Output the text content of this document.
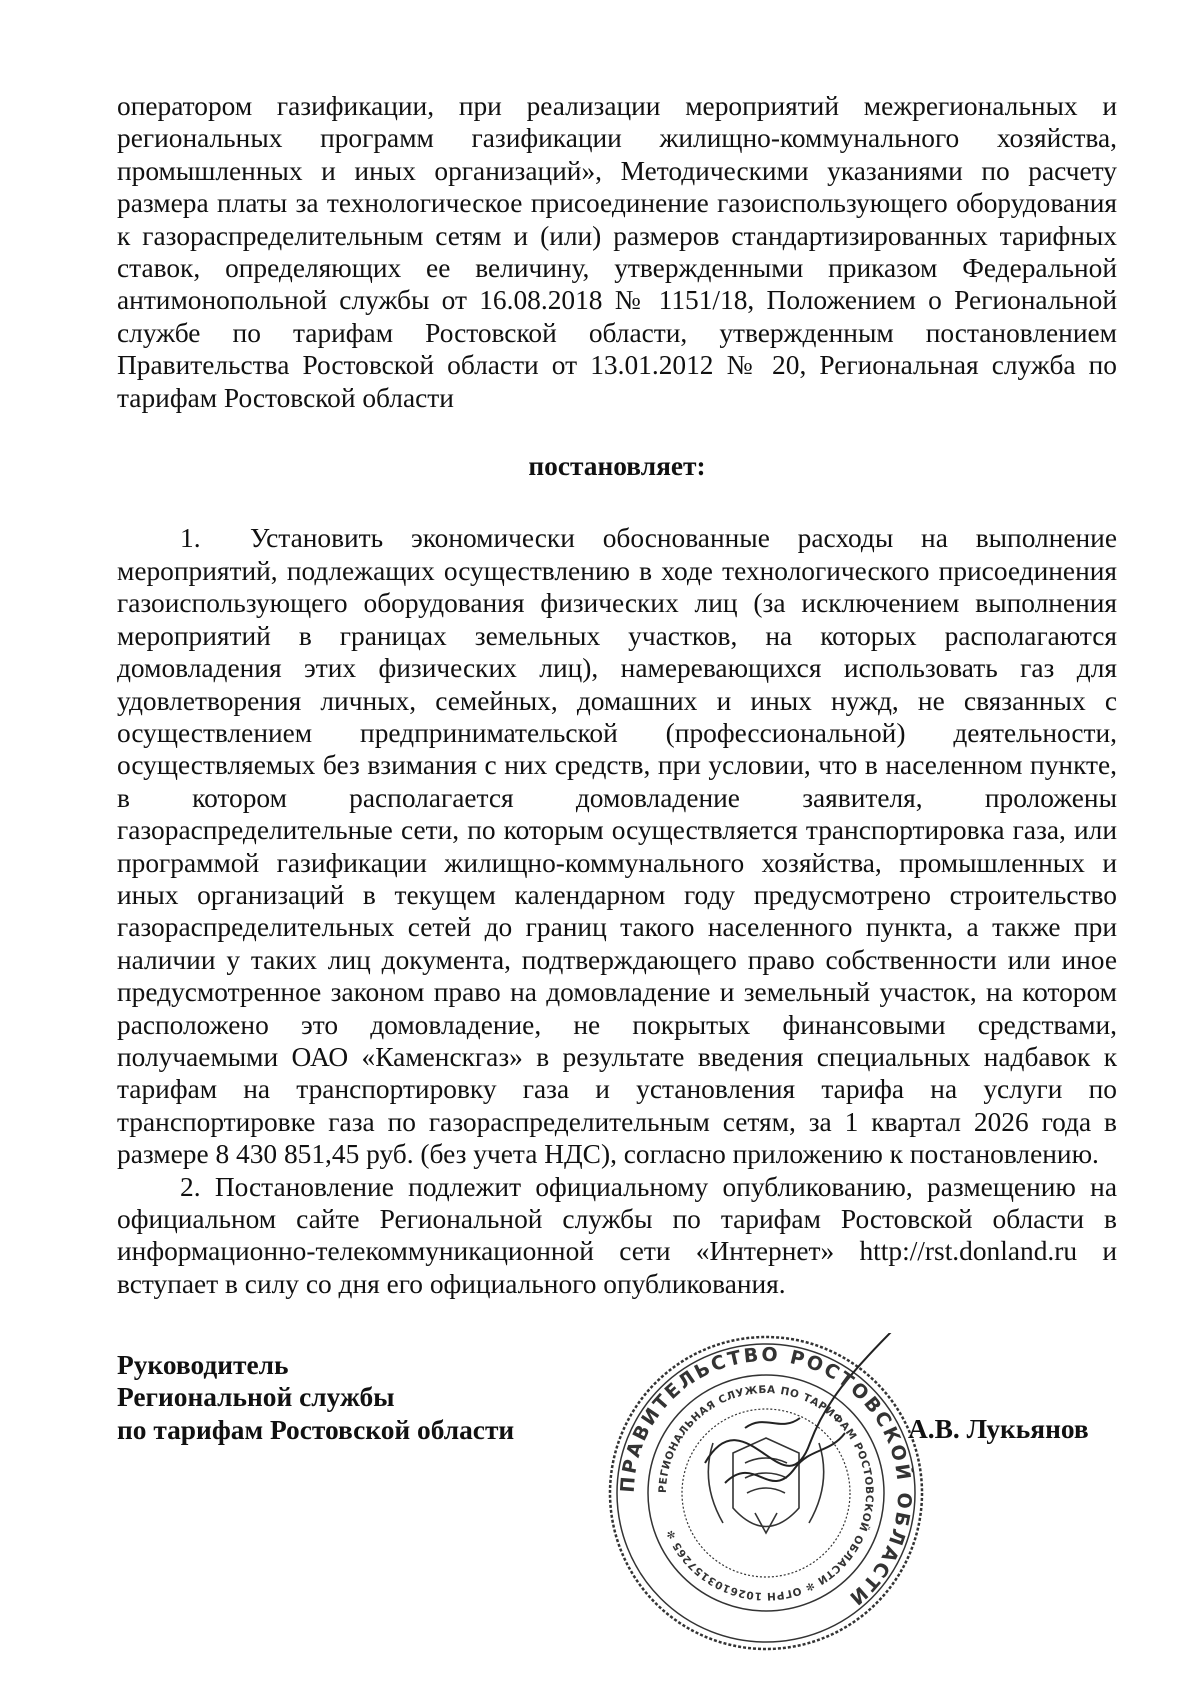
оператором газификации, при реализации мероприятий межрегиональных и региональных программ газификации жилищно-коммунального хозяйства, промышленных и иных организаций», Методическими указаниями по расчету размера платы за технологическое присоединение газоиспользующего оборудования к газораспределительным сетям и (или) размеров стандартизированных тарифных ставок, определяющих ее величину, утвержденными приказом Федеральной антимонопольной службы от 16.08.2018 № 1151/18, Положением о Региональной службе по тарифам Ростовской области, утвержденным постановлением Правительства Ростовской области от 13.01.2012 № 20, Региональная служба по тарифам Ростовской области

постановляет:

1. Установить экономически обоснованные расходы на выполнение мероприятий, подлежащих осуществлению в ходе технологического присоединения газоиспользующего оборудования физических лиц (за исключением выполнения мероприятий в границах земельных участков, на которых располагаются домовладения этих физических лиц), намеревающихся использовать газ для удовлетворения личных, семейных, домашних и иных нужд, не связанных с осуществлением предпринимательской (профессиональной) деятельности, осуществляемых без взимания с них средств, при условии, что в населенном пункте, в котором располагается домовладение заявителя, проложены газораспределительные сети, по которым осуществляется транспортировка газа, или программой газификации жилищно-коммунального хозяйства, промышленных и иных организаций в текущем календарном году предусмотрено строительство газораспределительных сетей до границ такого населенного пункта, а также при наличии у таких лиц документа, подтверждающего право собственности или иное предусмотренное законом право на домовладение и земельный участок, на котором расположено это домовладение, не покрытых финансовыми средствами, получаемыми ОАО «Каменскгаз» в результате введения специальных надбавок к тарифам на транспортировку газа и установления тарифа на услуги по транспортировке газа по газораспределительным сетям, за 1 квартал 2026 года в размере 8 430 851,45 руб. (без учета НДС), согласно приложению к постановлению.

2. Постановление подлежит официальному опубликованию, размещению на официальном сайте Региональной службы по тарифам Ростовской области в информационно-телекоммуникационной сети «Интернет» http://rst.donland.ru и вступает в силу со дня его официального опубликования.

Руководитель
Региональной службы
по тарифам Ростовской области
ПРАВИТЕЛЬСТВО РОСТОВСКОЙ ОБЛАСТИ
РЕГИОНАЛЬНАЯ СЛУЖБА ПО ТАРИФАМ РОСТОВСКОЙ ОБЛАСТИ ✻ ОГРН 1026103157265 ✻
А.В. Лукьянов
